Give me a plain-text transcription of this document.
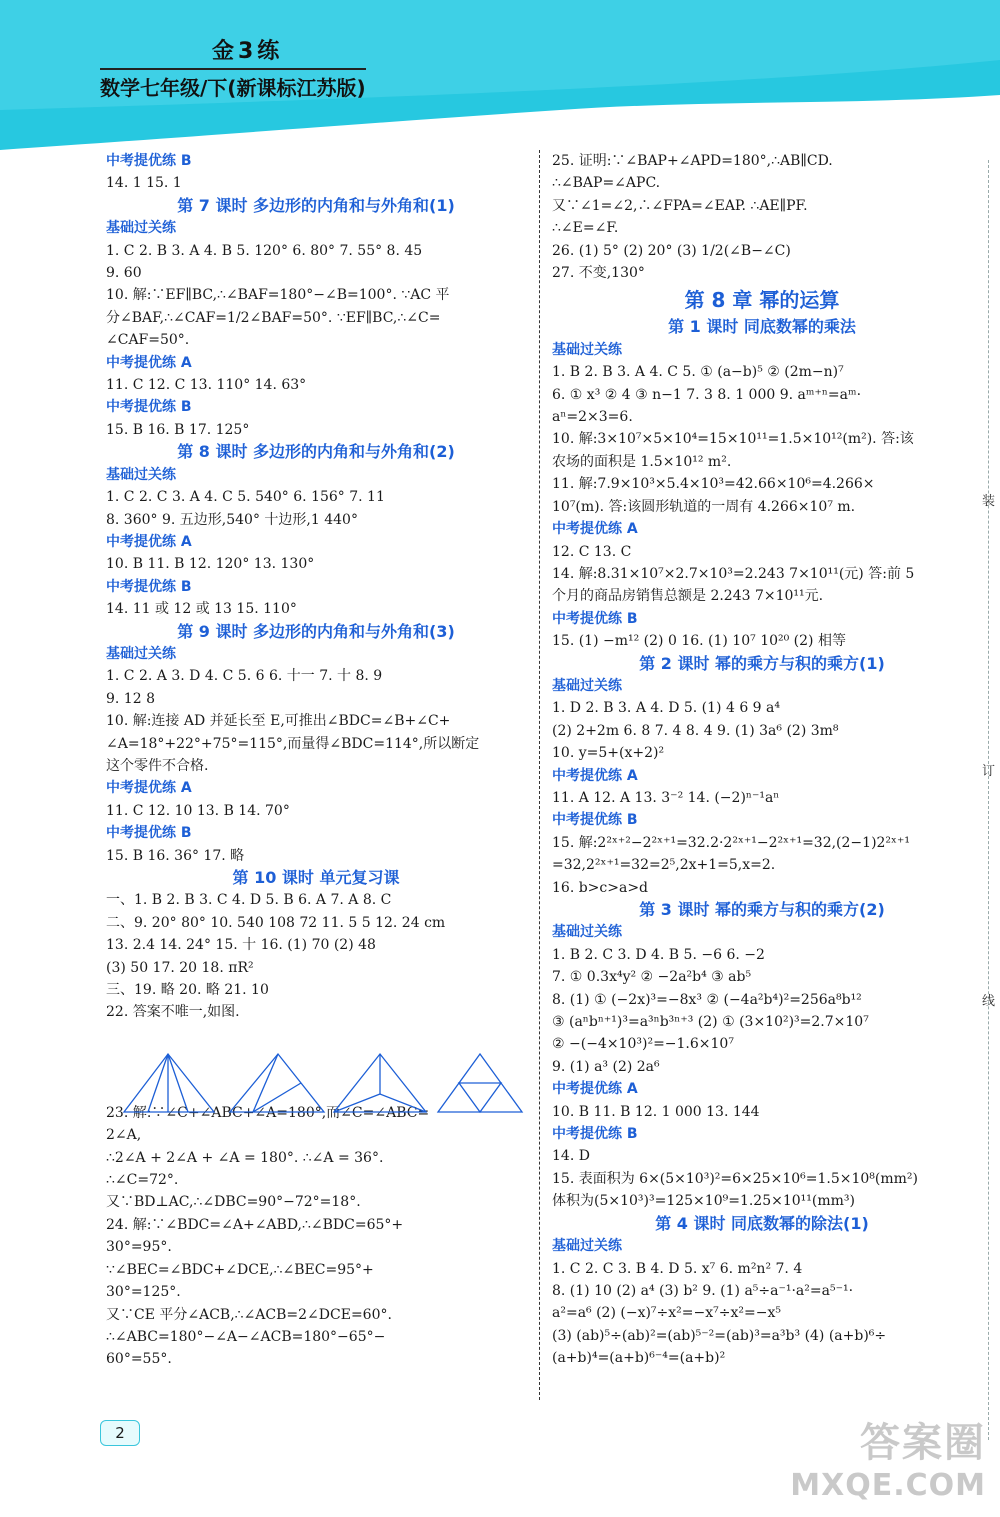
金3练
数学七年级/下(新课标江苏版)
中考提优练 B
14. 1 15. 1
第 7 课时 多边形的内角和与外角和(1)
基础过关练
1. C 2. B 3. A 4. B 5. 120° 6. 80° 7. 55° 8. 45
9. 60
10. 解:∵EF∥BC,∴∠BAF=180°−∠B=100°. ∵AC 平
分∠BAF,∴∠CAF=1/2∠BAF=50°. ∵EF∥BC,∴∠C=
∠CAF=50°.
中考提优练 A
11. C 12. C 13. 110° 14. 63°
中考提优练 B
15. B 16. B 17. 125°
第 8 课时 多边形的内角和与外角和(2)
基础过关练
1. C 2. C 3. A 4. C 5. 540° 6. 156° 7. 11
8. 360° 9. 五边形,540° 十边形,1 440°
中考提优练 A
10. B 11. B 12. 120° 13. 130°
中考提优练 B
14. 11 或 12 或 13 15. 110°
第 9 课时 多边形的内角和与外角和(3)
基础过关练
1. C 2. A 3. D 4. C 5. 6 6. 十一 7. 十 8. 9
9. 12 8
10. 解:连接 AD 并延长至 E,可推出∠BDC=∠B+∠C+
∠A=18°+22°+75°=115°,而量得∠BDC=114°,所以断定
这个零件不合格.
中考提优练 A
11. C 12. 10 13. B 14. 70°
中考提优练 B
15. B 16. 36° 17. 略
第 10 课时 单元复习课
一、1. B 2. B 3. C 4. D 5. B 6. A 7. A 8. C
二、9. 20° 80° 10. 540 108 72 11. 5 5 12. 24 cm
13. 2.4 14. 24° 15. 十 16. (1) 70 (2) 48
(3) 50 17. 20 18. πR²
三、19. 略 20. 略 21. 10
22. 答案不唯一,如图.
23. 解:∵∠C+∠ABC+∠A=180°,而∠C=∠ABC=
2∠A,
∴2∠A + 2∠A + ∠A = 180°. ∴∠A = 36°.
∴∠C=72°.
又∵BD⊥AC,∴∠DBC=90°−72°=18°.
24. 解:∵∠BDC=∠A+∠ABD,∴∠BDC=65°+
30°=95°.
∵∠BEC=∠BDC+∠DCE,∴∠BEC=95°+
30°=125°.
又∵CE 平分∠ACB,∴∠ACB=2∠DCE=60°.
∴∠ABC=180°−∠A−∠ACB=180°−65°−
60°=55°.
25. 证明:∵∠BAP+∠APD=180°,∴AB∥CD.
∴∠BAP=∠APC.
又∵∠1=∠2,∴∠FPA=∠EAP. ∴AE∥PF.
∴∠E=∠F.
26. (1) 5° (2) 20° (3) 1/2(∠B−∠C)
27. 不变,130°
第 8 章 幂的运算
第 1 课时 同底数幂的乘法
基础过关练
1. B 2. B 3. A 4. C 5. ① (a−b)⁵ ② (2m−n)⁷
6. ① x³ ② 4 ③ n−1 7. 3 8. 1 000 9. aᵐ⁺ⁿ=aᵐ·
aⁿ=2×3=6.
10. 解:3×10⁷×5×10⁴=15×10¹¹=1.5×10¹²(m²). 答:该
农场的面积是 1.5×10¹² m².
11. 解:7.9×10³×5.4×10³=42.66×10⁶=4.266×
10⁷(m). 答:该圆形轨道的一周有 4.266×10⁷ m.
中考提优练 A
12. C 13. C
14. 解:8.31×10⁷×2.7×10³=2.243 7×10¹¹(元) 答:前 5
个月的商品房销售总额是 2.243 7×10¹¹元.
中考提优练 B
15. (1) −m¹² (2) 0 16. (1) 10⁷ 10²⁰ (2) 相等
第 2 课时 幂的乘方与积的乘方(1)
基础过关练
1. D 2. B 3. A 4. D 5. (1) 4 6 9 a⁴
(2) 2+2m 6. 8 7. 4 8. 4 9. (1) 3a⁶ (2) 3m⁸
10. y=5+(x+2)²
中考提优练 A
11. A 12. A 13. 3⁻² 14. (−2)ⁿ⁻¹aⁿ
中考提优练 B
15. 解:2²ˣ⁺²−2²ˣ⁺¹=32.2·2²ˣ⁺¹−2²ˣ⁺¹=32,(2−1)2²ˣ⁺¹
=32,2²ˣ⁺¹=32=2⁵,2x+1=5,x=2.
16. b>c>a>d
第 3 课时 幂的乘方与积的乘方(2)
基础过关练
1. B 2. C 3. D 4. B 5. −6 6. −2
7. ① 0.3x⁴y² ② −2a²b⁴ ③ ab⁵
8. (1) ① (−2x)³=−8x³ ② (−4a²b⁴)²=256a⁸b¹²
③ (aⁿbⁿ⁺¹)³=a³ⁿb³ⁿ⁺³ (2) ① (3×10²)³=2.7×10⁷
② −(−4×10³)²=−1.6×10⁷
9. (1) a³ (2) 2a⁶
中考提优练 A
10. B 11. B 12. 1 000 13. 144
中考提优练 B
14. D
15. 表面积为 6×(5×10³)²=6×25×10⁶=1.5×10⁸(mm²)
体积为(5×10³)³=125×10⁹=1.25×10¹¹(mm³)
第 4 课时 同底数幂的除法(1)
基础过关练
1. C 2. C 3. B 4. D 5. x⁷ 6. m²n² 7. 4
8. (1) 10 (2) a⁴ (3) b² 9. (1) a⁵÷a⁻¹·a²=a⁵⁻¹·
a²=a⁶ (2) (−x)⁷÷x²=−x⁷÷x²=−x⁵
(3) (ab)⁵÷(ab)²=(ab)⁵⁻²=(ab)³=a³b³ (4) (a+b)⁶÷
(a+b)⁴=(a+b)⁶⁻⁴=(a+b)²
2
装
订
线
答案圈
MXQE.COM
